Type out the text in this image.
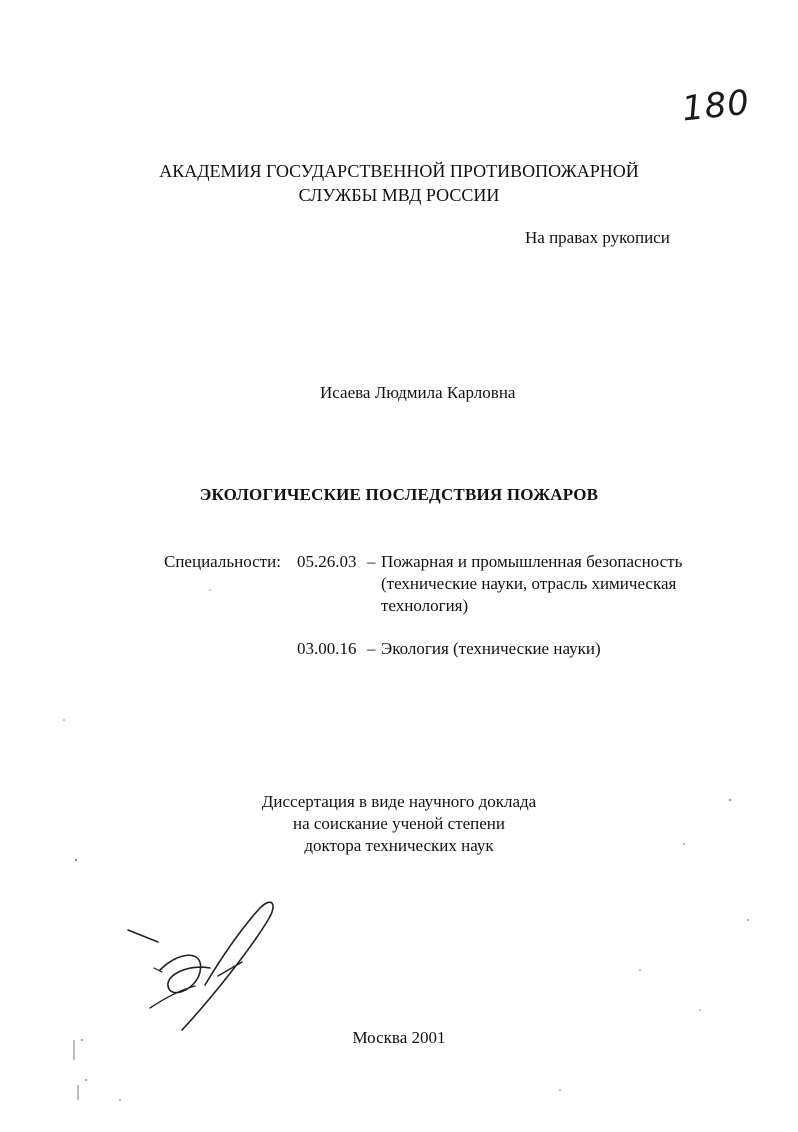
180
АКАДЕМИЯ ГОСУДАРСТВЕННОЙ ПРОТИВОПОЖАРНОЙ
СЛУЖБЫ МВД РОССИИ
На правах рукописи
Исаева Людмила Карловна
ЭКОЛОГИЧЕСКИЕ ПОСЛЕДСТВИЯ ПОЖАРОВ
Специальности: 05.26.03 – Пожарная и промышленная безопасность
(технические науки, отрасль химическая
технология)
03.00.16 – Экология (технические науки)
Диссертация в виде научного доклада
на соискание ученой степени
доктора технических наук
Москва 2001
